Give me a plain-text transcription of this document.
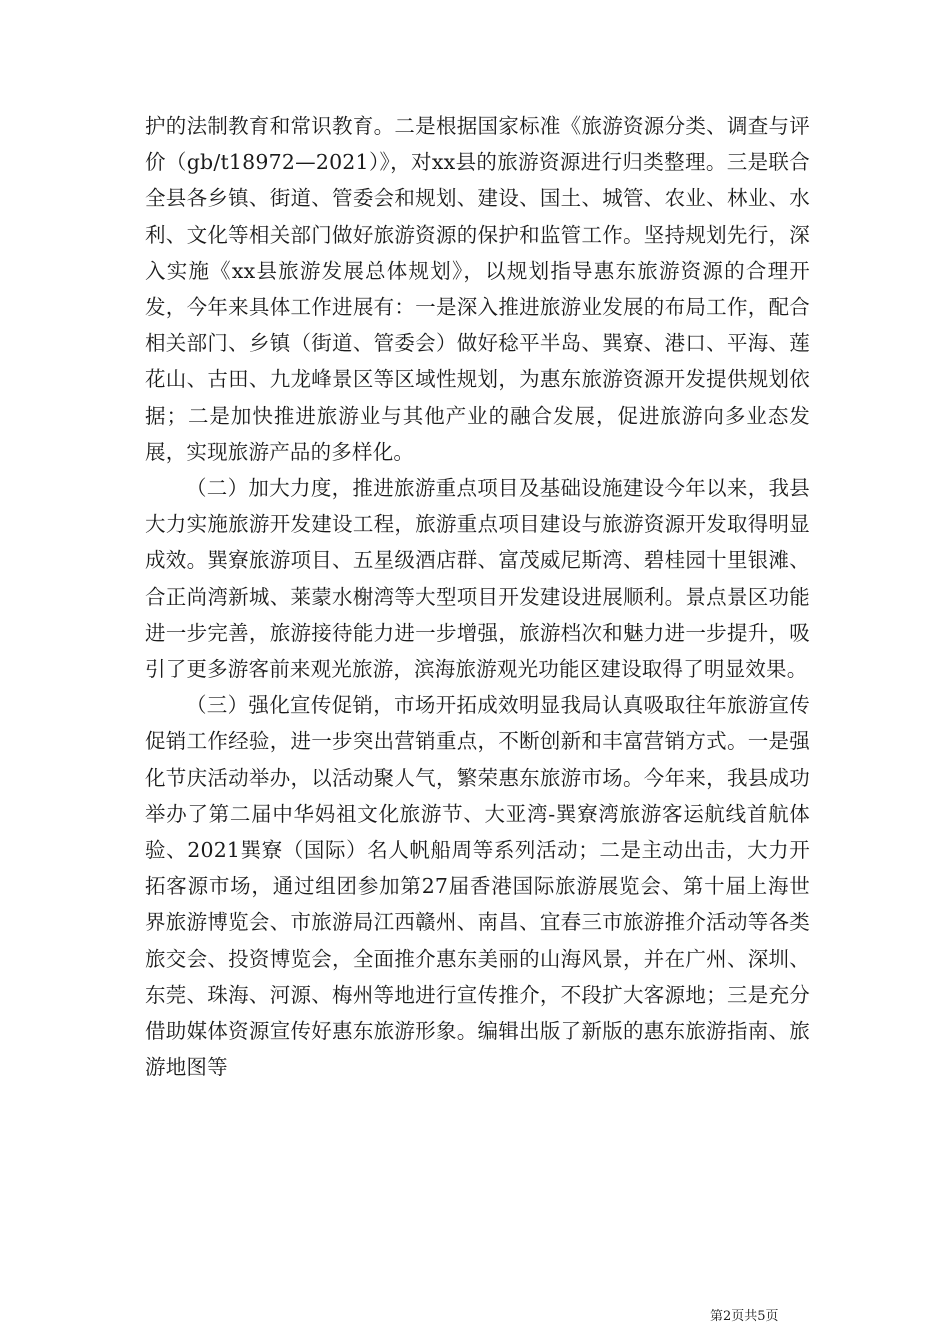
护的法制教育和常识教育。二是根据国家标准《旅游资源分类、调查与评价（gb/t18972—2021）》，对xx县的旅游资源进行归类整理。三是联合全县各乡镇、街道、管委会和规划、建设、国土、城管、农业、林业、水利、文化等相关部门做好旅游资源的保护和监管工作。坚持规划先行，深入实施《xx县旅游发展总体规划》，以规划指导惠东旅游资源的合理开发，今年来具体工作进展有：一是深入推进旅游业发展的布局工作，配合相关部门、乡镇（街道、管委会）做好稔平半岛、巽寮、港口、平海、莲花山、古田、九龙峰景区等区域性规划，为惠东旅游资源开发提供规划依据；二是加快推进旅游业与其他产业的融合发展，促进旅游向多业态发展，实现旅游产品的多样化。

（二）加大力度，推进旅游重点项目及基础设施建设今年以来，我县大力实施旅游开发建设工程，旅游重点项目建设与旅游资源开发取得明显成效。巽寮旅游项目、五星级酒店群、富茂威尼斯湾、碧桂园十里银滩、合正尚湾新城、莱蒙水榭湾等大型项目开发建设进展顺利。景点景区功能进一步完善，旅游接待能力进一步增强，旅游档次和魅力进一步提升，吸引了更多游客前来观光旅游，滨海旅游观光功能区建设取得了明显效果。

（三）强化宣传促销，市场开拓成效明显我局认真吸取往年旅游宣传促销工作经验，进一步突出营销重点，不断创新和丰富营销方式。一是强化节庆活动举办，以活动聚人气，繁荣惠东旅游市场。今年来，我县成功举办了第二届中华妈祖文化旅游节、大亚湾-巽寮湾旅游客运航线首航体验、2021巽寮（国际）名人帆船周等系列活动；二是主动出击，大力开拓客源市场，通过组团参加第27届香港国际旅游展览会、第十届上海世界旅游博览会、市旅游局江西赣州、南昌、宜春三市旅游推介活动等各类旅交会、投资博览会，全面推介惠东美丽的山海风景，并在广州、深圳、东莞、珠海、河源、梅州等地进行宣传推介，不段扩大客源地；三是充分借助媒体资源宣传好惠东旅游形象。编辑出版了新版的惠东旅游指南、旅游地图等

第2页共5页
